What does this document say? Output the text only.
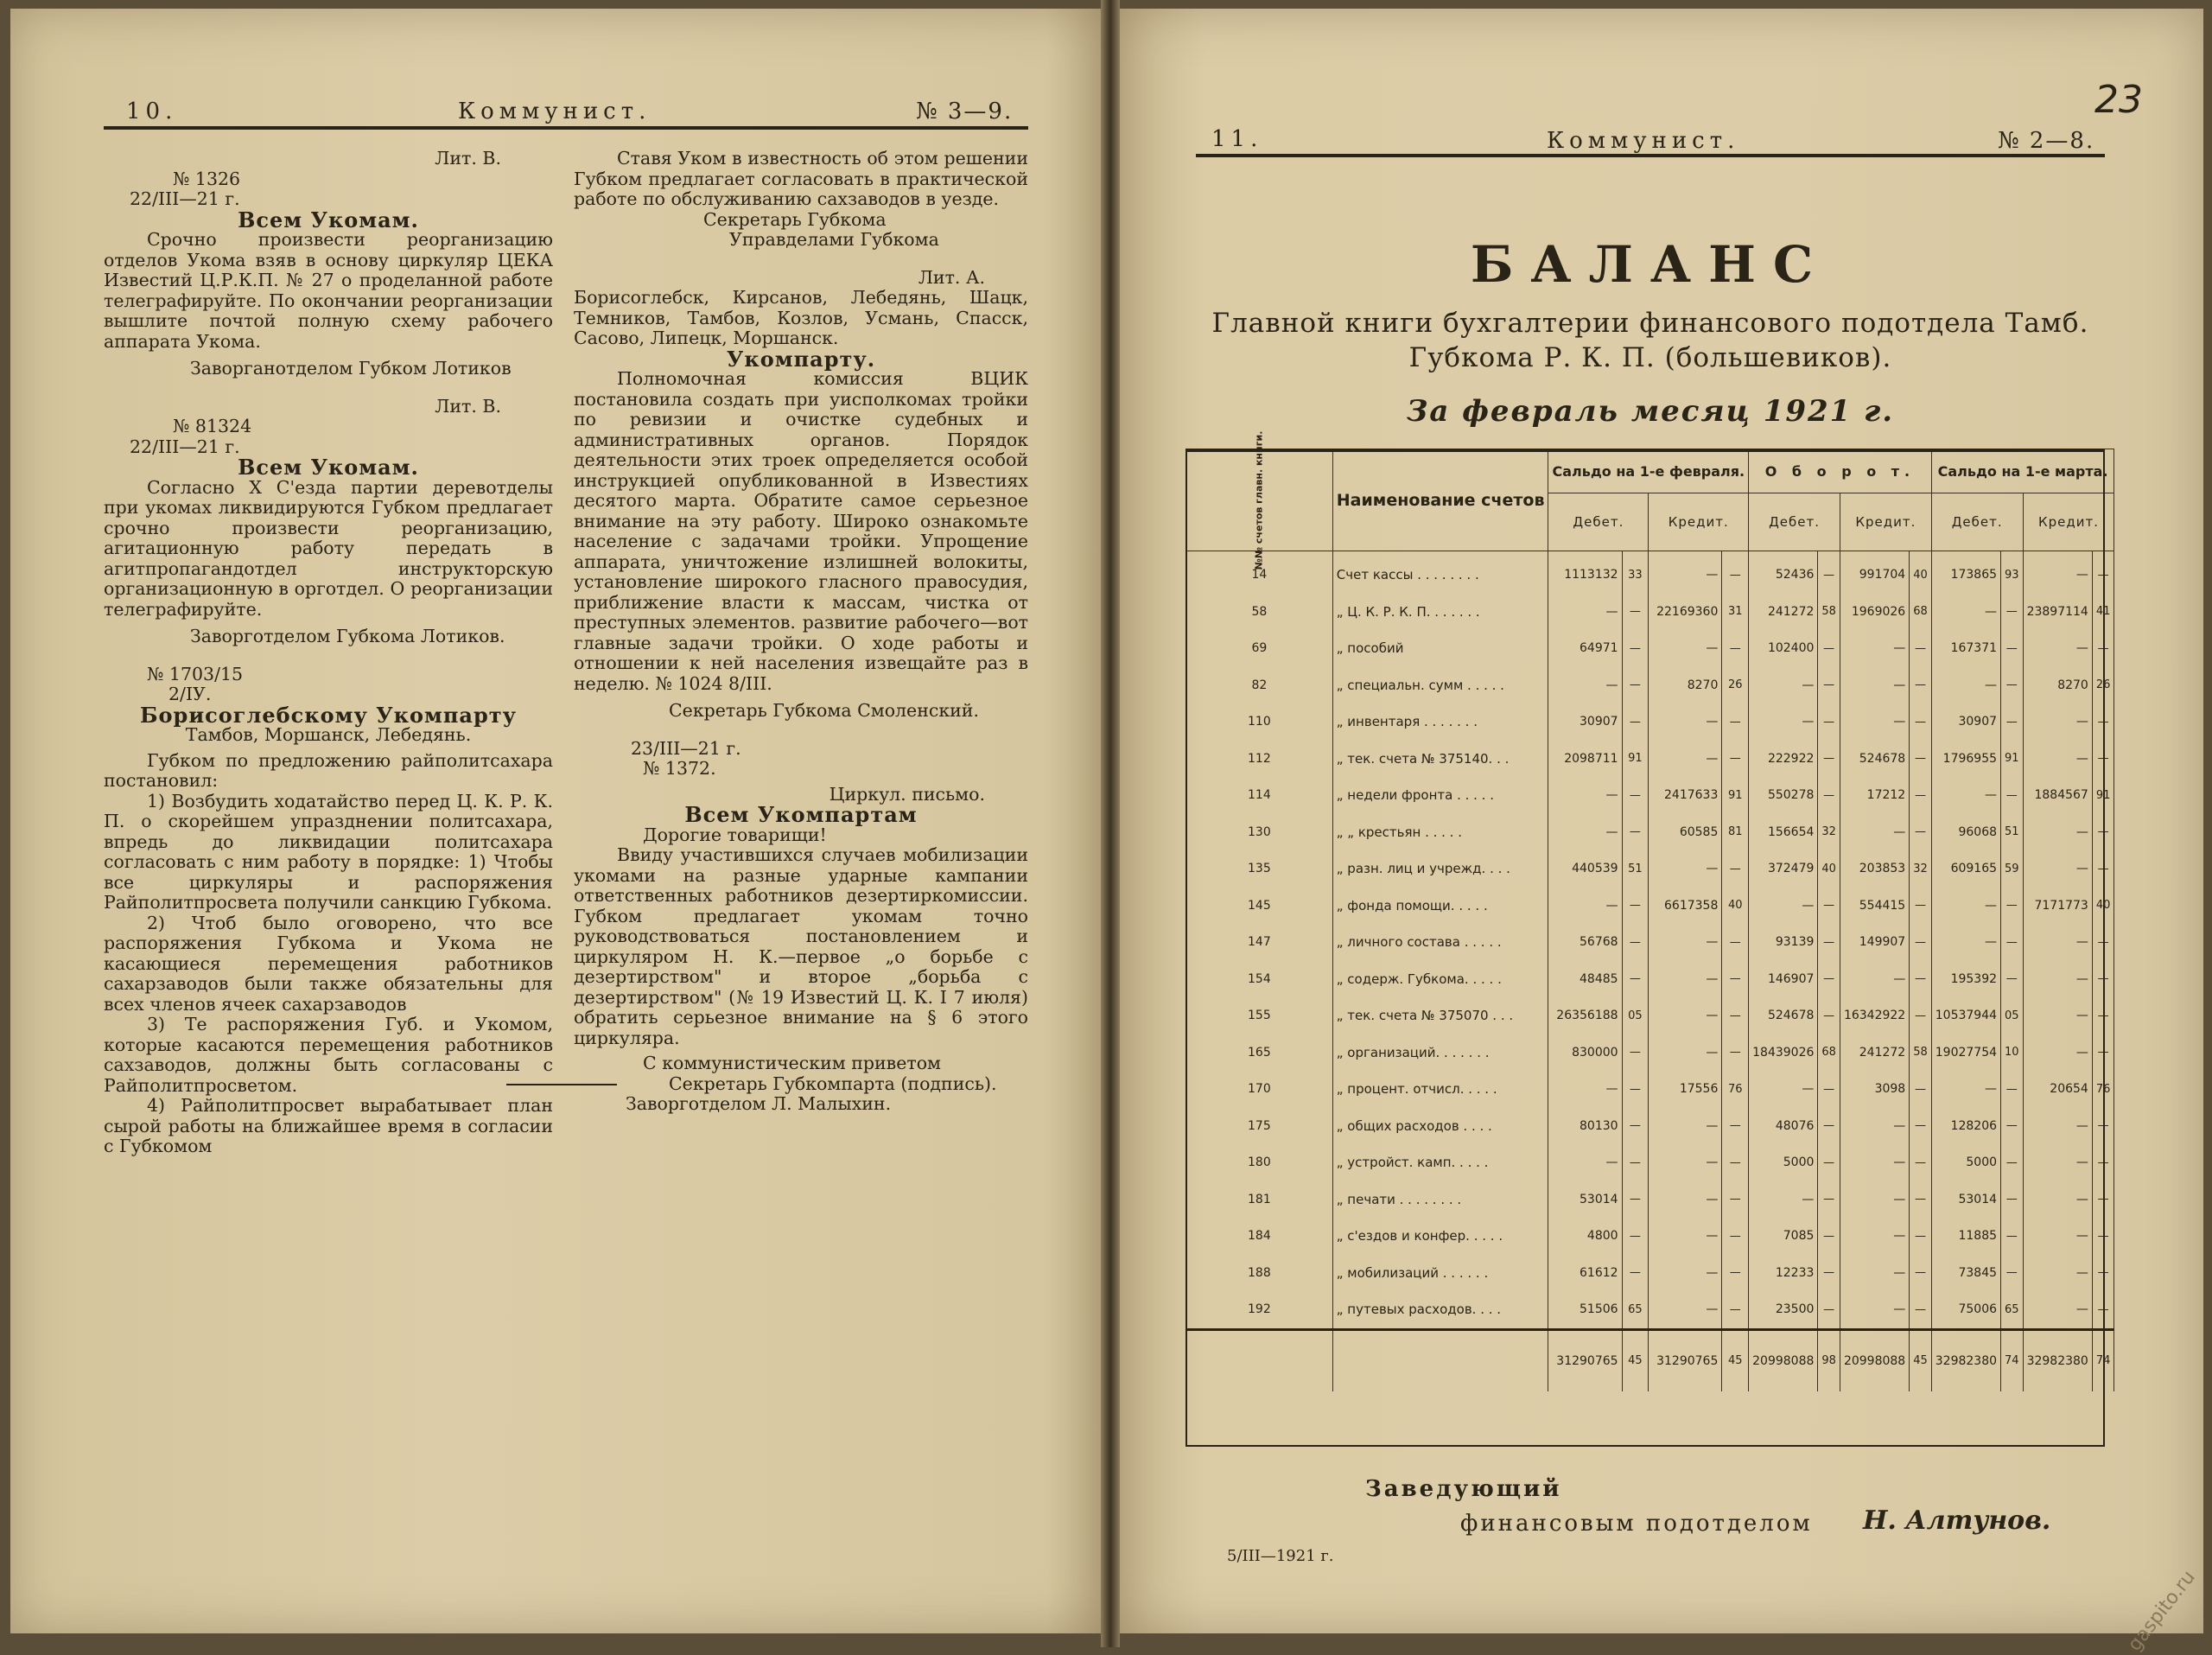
10.	Коммунист.	№ 3—9.

Лит. В.

№ 1326

22/III—21 г.

Всем Укомам.

Срочно произвести реорганизацию отделов Укома взяв в основу циркуляр ЦЕКА Известий Ц.Р.К.П. № 27 о проделанной работе телеграфируйте. По окончании реорганизации вышлите почтой полную схему рабочего аппарата Укома.

Заворганотделом Губком Лотиков

Лит. В.

№ 81324

22/III—21 г.

Всем Укомам.

Согласно X С'езда партии деревотделы при укомах ликвидируются Губком предлагает срочно произвести реорганизацию, агитационную работу передать в агитпропагандотдел инструкторскую организационную в орготдел. О реорганизации телеграфируйте.

Заворготделом Губкома Лотиков.

№ 1703/15

2/IУ.

Борисоглебскому Укомпарту

Тамбов, Моршанск, Лебедянь.

Губком по предложению райполитсахара постановил:

1) Возбудить ходатайство перед Ц. К. Р. К. П. о скорейшем упразднении политсахара, впредь до ликвидации политсахара согласовать с ним работу в порядке: 1) Чтобы все циркуляры и распоряжения Райполитпросвета получили санкцию Губкома.

2) Чтоб было оговорено, что все распоряжения Губкома и Укома не касающиеся перемещения работников сахарзаводов были также обязательны для всех членов ячеек сахарзаводов

3) Те распоряжения Губ. и Укомом, которые касаются перемещения работников сахзаводов, должны быть согласованы с Райполитпросветом.

4) Райполитпросвет вырабатывает план сырой работы на ближайшее время в согласии с Губкомом

Ставя Уком в известность об этом решении Губком предлагает согласовать в практической работе по обслуживанию сахзаводов в уезде.

Секретарь Губкома

Управделами Губкома

Лит. А.

Борисоглебск, Кирсанов, Лебедянь, Шацк, Темников, Тамбов, Козлов, Усмань, Спасск, Сасово, Липецк, Моршанск.

Укомпарту.

Полномочная комиссия ВЦИК постановила создать при уисполкомах тройки по ревизии и очистке судебных и административных органов. Порядок деятельности этих троек определяется особой инструкцией опубликованной в Известиях десятого марта. Обратите самое серьезное внимание на эту работу. Широко ознакомьте население с задачами тройки. Упрощение аппарата, уничтожение излишней волокиты, установление широкого гласного правосудия, приближение власти к массам, чистка от преступных элементов. развитие рабочего—вот главные задачи тройки. О ходе работы и отношении к ней населения извещайте раз в неделю. № 1024 8/III.

Секретарь Губкома Смоленский.

23/III—21 г.

№ 1372.

Циркул. письмо.

Всем Укомпартам

Дорогие товарищи!

Ввиду участившихся случаев мобилизации укомами на разные ударные кампании ответственных работников дезертиркомиссии. Губком предлагает укомам точно руководствоваться постановлением и циркуляром Н. К.—первое „о борьбе с дезертирством" и второе „борьба с дезертирством" (№ 19 Известий Ц. К. I 7 июля) обратить серьезное внимание на § 6 этого циркуляра.

С коммунистическим приветом

Секретарь Губкомпарта (подпись).

Заворготделом Л. Малыхин.

11.	Коммунист.	№ 2—8.
23
БАЛАНС
Главной книги бухгалтерии финансового подотдела Тамб.
Губкома Р. К. П. (большевиков).
За февраль месяц 1921 г.
№№ счетов главн. книги.	Наименование счетов	Сальдо на 1-е февраля.				О б о р о т.				Сальдо на 1-е марта.			
		Дебет.		Кредит.		Дебет.		Кредит.		Дебет.		Кредит.	
14	Счет кассы . . . . . . . .	1113132	33	—	—	52436	—	991704	40	173865	93	—	—
58	„ Ц. К. Р. К. П. . . . . . .	—	—	22169360	31	241272	58	1969026	68	—	—	23897114	41
69	„ пособий	64971	—	—	—	102400	—	—	—	167371	—	—	—
82	„ специальн. сумм . . . . .	—	—	8270	26	—	—	—	—	—	—	8270	26
110	„ инвентаря . . . . . . .	30907	—	—	—	—	—	—	—	30907	—	—	—
112	„ тек. счета № 375140. . .	2098711	91	—	—	222922	—	524678	—	1796955	91	—	—
114	„ недели фронта . . . . .	—	—	2417633	91	550278	—	17212	—	—	—	1884567	91
130	„ „ крестьян . . . . .	—	—	60585	81	156654	32	—	—	96068	51	—	—
135	„ разн. лиц и учрежд. . . .	440539	51	—	—	372479	40	203853	32	609165	59	—	—
145	„ фонда помощи. . . . .	—	—	6617358	40	—	—	554415	—	—	—	7171773	40
147	„ личного состава . . . . .	56768	—	—	—	93139	—	149907	—	—	—	—	—
154	„ содерж. Губкома. . . . .	48485	—	—	—	146907	—	—	—	195392	—	—	—
155	„ тек. счета № 375070 . . .	26356188	05	—	—	524678	—	16342922	—	10537944	05	—	—
165	„ организаций. . . . . . .	830000	—	—	—	18439026	68	241272	58	19027754	10	—	—
170	„ процент. отчисл. . . . .	—	—	17556	76	—	—	3098	—	—	—	20654	76
175	„ общих расходов . . . .	80130	—	—	—	48076	—	—	—	128206	—	—	—
180	„ устройст. камп. . . . .	—	—	—	—	5000	—	—	—	5000	—	—	—
181	„ печати . . . . . . . .	53014	—	—	—	—	—	—	—	53014	—	—	—
184	„ с'ездов и конфер. . . . .	4800	—	—	—	7085	—	—	—	11885	—	—	—
188	„ мобилизаций . . . . . .	61612	—	—	—	12233	—	—	—	73845	—	—	—
192	„ путевых расходов. . . .	51506	65	—	—	23500	—	—	—	75006	65	—	—
		31290765	45	31290765	45	20998088	98	20998088	45	32982380	74	32982380	74
Заведующий
финансовым подотделом Н. Алтунов.
5/III—1921 г.
gaspito.ru
